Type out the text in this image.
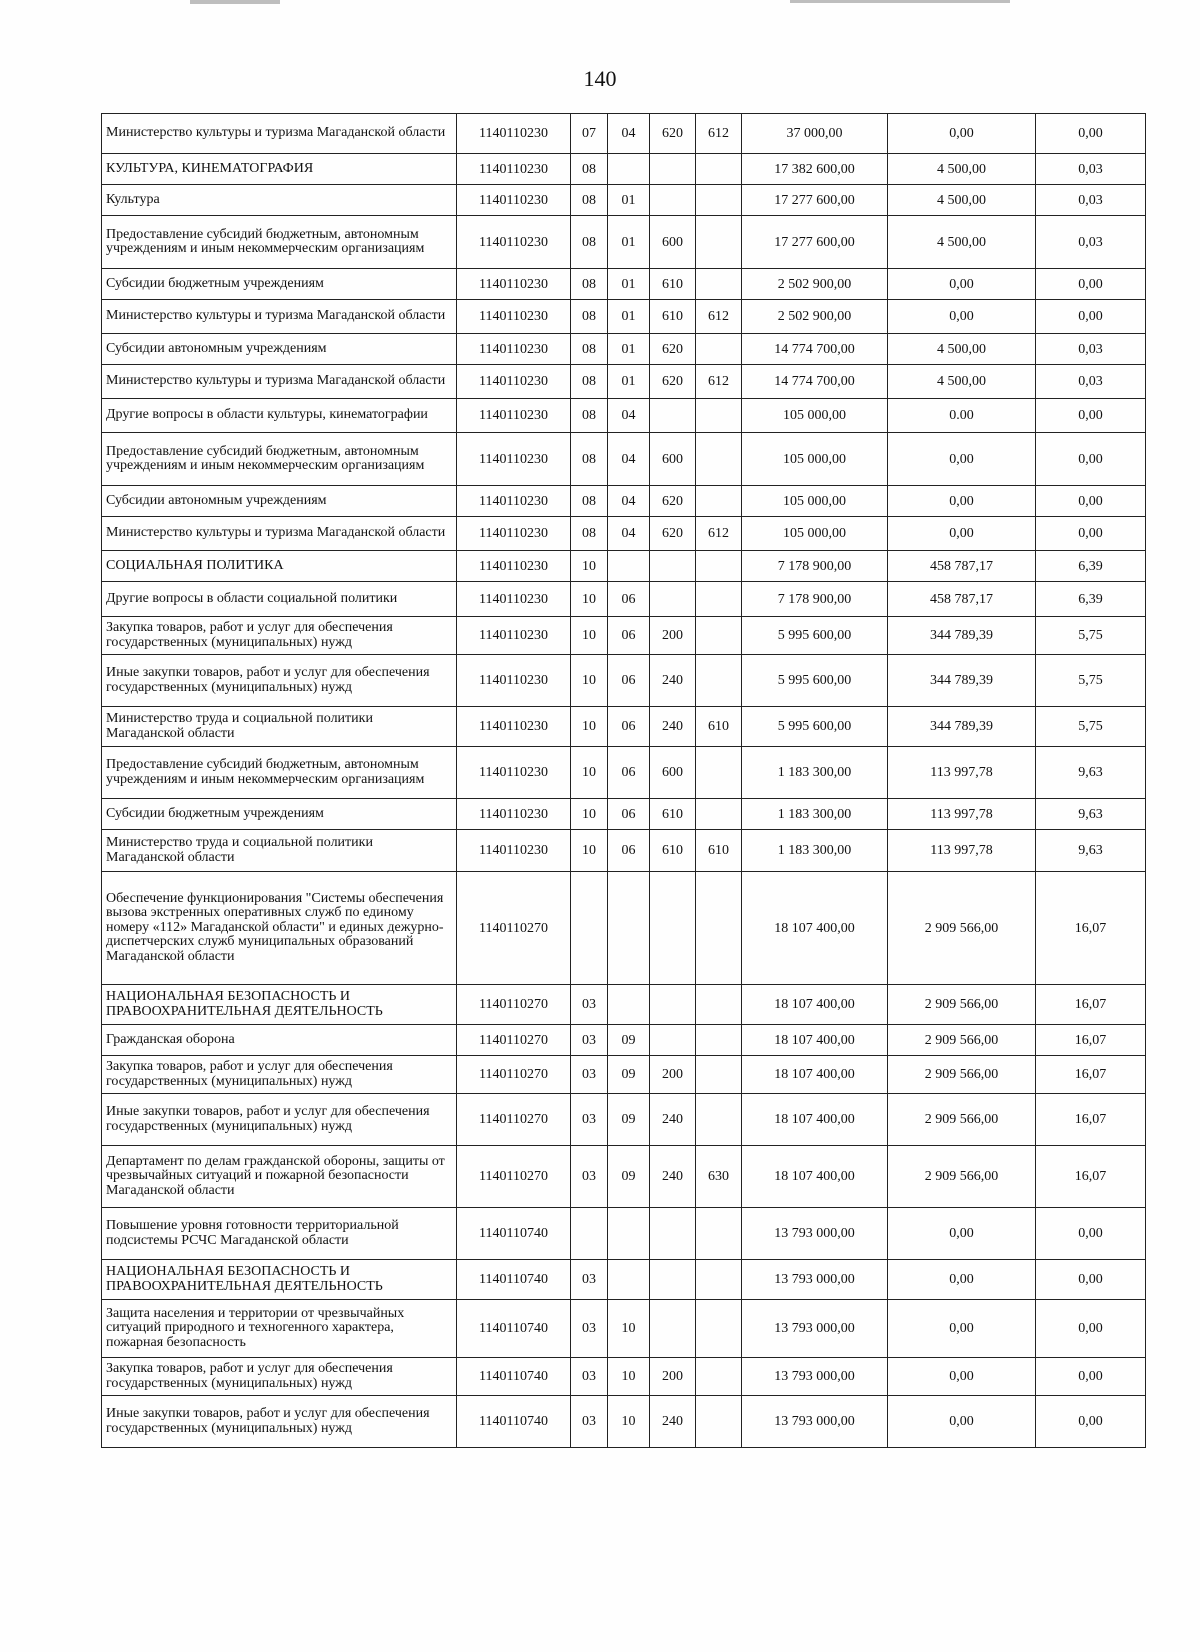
140
Министерство культуры и туризма Магаданской области	1140110230	07	04	620	612	37 000,00	0,00	0,00
КУЛЬТУРА, КИНЕМАТОГРАФИЯ	1140110230	08				17 382 600,00	4 500,00	0,03
Культура	1140110230	08	01			17 277 600,00	4 500,00	0,03
Предоставление субсидий бюджетным, автономным учреждениям и иным некоммерческим организациям	1140110230	08	01	600		17 277 600,00	4 500,00	0,03
Субсидии бюджетным учреждениям	1140110230	08	01	610		2 502 900,00	0,00	0,00
Министерство культуры и туризма Магаданской области	1140110230	08	01	610	612	2 502 900,00	0,00	0,00
Субсидии автономным учреждениям	1140110230	08	01	620		14 774 700,00	4 500,00	0,03
Министерство культуры и туризма Магаданской области	1140110230	08	01	620	612	14 774 700,00	4 500,00	0,03
Другие вопросы в области культуры, кинематографии	1140110230	08	04			105 000,00	0.00	0,00
Предоставление субсидий бюджетным, автономным учреждениям и иным некоммерческим организациям	1140110230	08	04	600		105 000,00	0,00	0,00
Субсидии автономным учреждениям	1140110230	08	04	620		105 000,00	0,00	0,00
Министерство культуры и туризма Магаданской области	1140110230	08	04	620	612	105 000,00	0,00	0,00
СОЦИАЛЬНАЯ ПОЛИТИКА	1140110230	10				7 178 900,00	458 787,17	6,39
Другие вопросы в области социальной политики	1140110230	10	06			7 178 900,00	458 787,17	6,39
Закупка товаров, работ и услуг для обеспечения государственных (муниципальных) нужд	1140110230	10	06	200		5 995 600,00	344 789,39	5,75
Иные закупки товаров, работ и услуг для обеспечения государственных (муниципальных) нужд	1140110230	10	06	240		5 995 600,00	344 789,39	5,75
Министерство труда и социальной политики Магаданской области	1140110230	10	06	240	610	5 995 600,00	344 789,39	5,75
Предоставление субсидий бюджетным, автономным учреждениям и иным некоммерческим организациям	1140110230	10	06	600		1 183 300,00	113 997,78	9,63
Субсидии бюджетным учреждениям	1140110230	10	06	610		1 183 300,00	113 997,78	9,63
Министерство труда и социальной политики Магаданской области	1140110230	10	06	610	610	1 183 300,00	113 997,78	9,63
Обеспечение функционирования "Системы обеспечения вызова экстренных оперативных служб по единому номеру «112» Магаданской области" и единых дежурно-диспетчерских служб муниципальных образований Магаданской области	1140110270					18 107 400,00	2 909 566,00	16,07
НАЦИОНАЛЬНАЯ БЕЗОПАСНОСТЬ И ПРАВООХРАНИТЕЛЬНАЯ ДЕЯТЕЛЬНОСТЬ	1140110270	03				18 107 400,00	2 909 566,00	16,07
Гражданская оборона	1140110270	03	09			18 107 400,00	2 909 566,00	16,07
Закупка товаров, работ и услуг для обеспечения государственных (муниципальных) нужд	1140110270	03	09	200		18 107 400,00	2 909 566,00	16,07
Иные закупки товаров, работ и услуг для обеспечения государственных (муниципальных) нужд	1140110270	03	09	240		18 107 400,00	2 909 566,00	16,07
Департамент по делам гражданской обороны, защиты от чрезвычайных ситуаций и пожарной безопасности Магаданской области	1140110270	03	09	240	630	18 107 400,00	2 909 566,00	16,07
Повышение уровня готовности территориальной подсистемы РСЧС Магаданской области	1140110740					13 793 000,00	0,00	0,00
НАЦИОНАЛЬНАЯ БЕЗОПАСНОСТЬ И ПРАВООХРАНИТЕЛЬНАЯ ДЕЯТЕЛЬНОСТЬ	1140110740	03				13 793 000,00	0,00	0,00
Защита населения и территории от чрезвычайных ситуаций природного и техногенного характера, пожарная безопасность	1140110740	03	10			13 793 000,00	0,00	0,00
Закупка товаров, работ и услуг для обеспечения государственных (муниципальных) нужд	1140110740	03	10	200		13 793 000,00	0,00	0,00
Иные закупки товаров, работ и услуг для обеспечения государственных (муниципальных) нужд	1140110740	03	10	240		13 793 000,00	0,00	0,00
